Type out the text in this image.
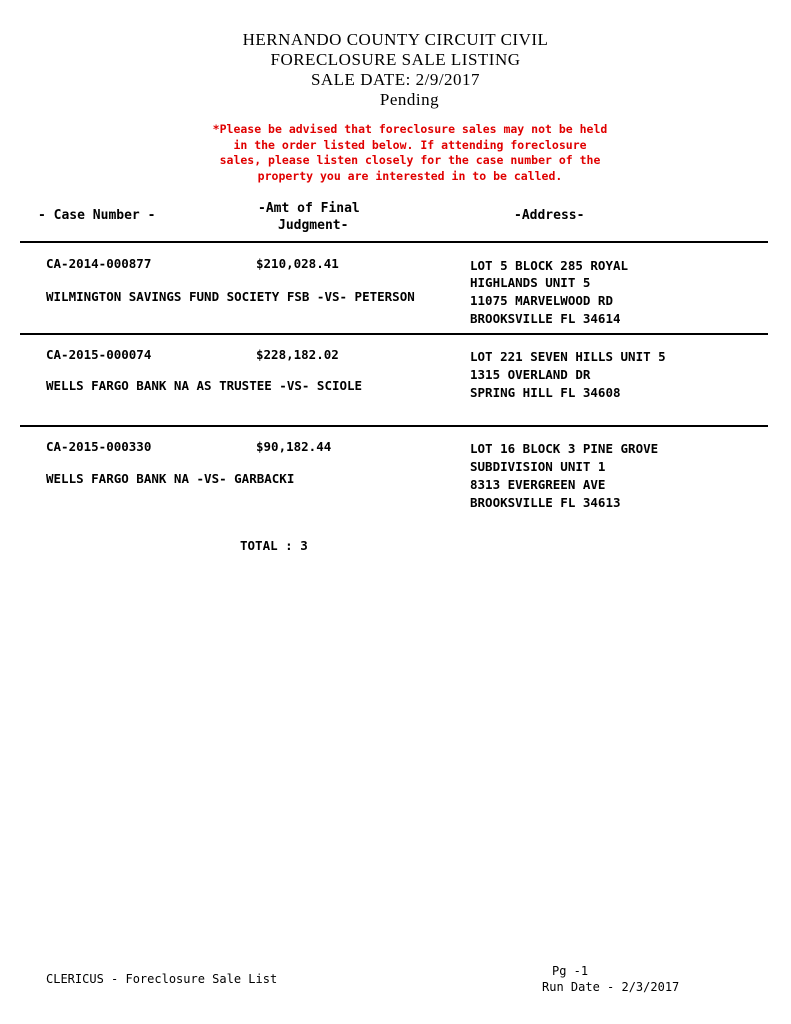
HERNANDO COUNTY CIRCUIT CIVIL
FORECLOSURE SALE LISTING
SALE DATE: 2/9/2017
Pending
*Please be advised that foreclosure sales may not be held
in the order listed below. If attending foreclosure
sales, please listen closely for the case number of the
property you are interested in to be called.
- Case Number -	-Amt of Final
Judgment-
-Address-
CA-2014-000877	$210,028.41
WILMINGTON SAVINGS FUND SOCIETY FSB -VS- PETERSON
LOT 5 BLOCK 285 ROYAL
HIGHLANDS UNIT 5
11075 MARVELWOOD RD
BROOKSVILLE FL 34614
CA-2015-000074	$228,182.02
WELLS FARGO BANK NA AS TRUSTEE -VS- SCIOLE
LOT 221 SEVEN HILLS UNIT 5
1315 OVERLAND DR
SPRING HILL FL 34608
CA-2015-000330	$90,182.44
WELLS FARGO BANK NA -VS- GARBACKI
LOT 16 BLOCK 3 PINE GROVE
SUBDIVISION UNIT 1
8313 EVERGREEN AVE
BROOKSVILLE FL 34613
TOTAL : 3
CLERICUS - Foreclosure Sale List
Pg -1
Run Date - 2/3/2017
